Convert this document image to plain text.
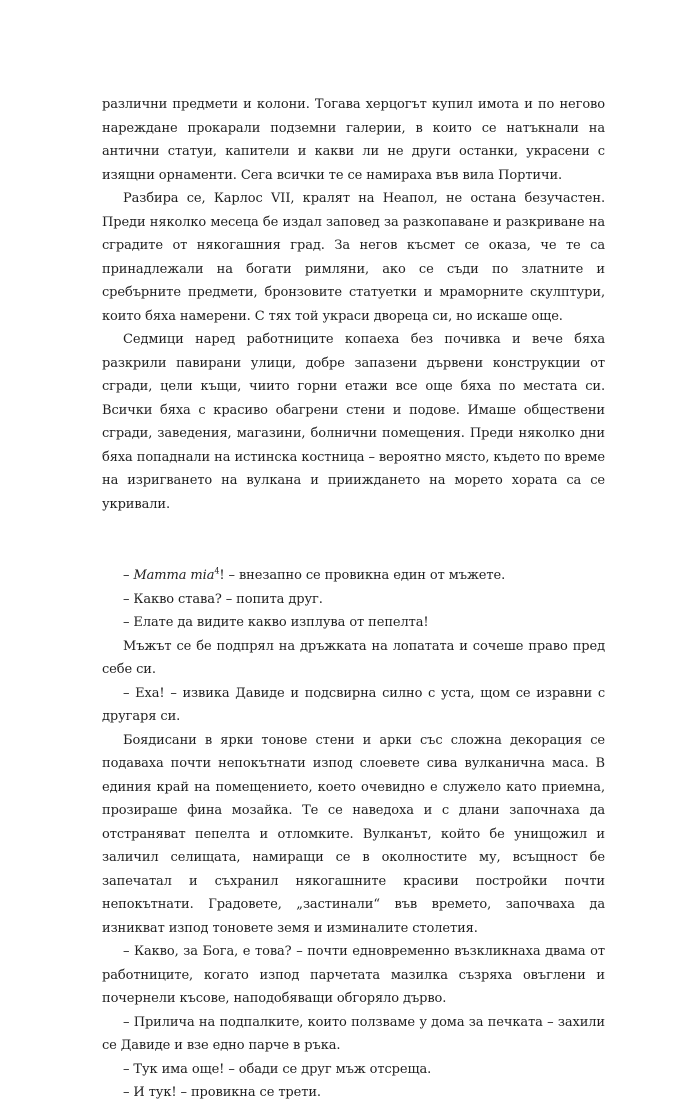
различни предмети и колони. Тогава херцогът купил имота и по негово нареждане прокарали подземни галерии, в които се натъкнали на антични статуи, капители и какви ли не други останки, украсени с изящни орнаменти. Сега всички те се намираха във вила Портичи.

Разбира се, Карлос VII, кралят на Неапол, не остана безучастен. Преди няколко месеца бе издал заповед за разкопаване и разкриване на сградите от някогашния град. За негов късмет се оказа, че те са принадлежали на богати римляни, ако се съди по златните и сребърните предмети, бронзовите статуетки и мраморните скулптури, които бяха намерени. С тях той украси двореца си, но искаше още.

Седмици наред работниците копаеха без почивка и вече бяха разкрили павирани улици, добре запазени дървени конструкции от сгради, цели къщи, чиито горни етажи все още бяха по местата си. Всички бяха с красиво обагрени стени и подове. Имаше обществени сгради, заведения, магазини, болнични помещения. Преди няколко дни бяха попаднали на истинска костница – вероятно място, където по време на изригването на вулкана и прииждането на морето хората са се укривали.

– Mamma mia$^4$! – внезапно се провикна един от мъжете.

– Какво става? – попита друг.

– Елате да видите какво изплува от пепелта!

Мъжът се бе подпрял на дръжката на лопатата и сочеше право пред себе си.

– Еха! – извика Давиде и подсвирна силно с уста, щом се изравни с другаря си.

Боядисани в ярки тонове стени и арки със сложна декорация се подаваха почти непокътнати изпод слоевете сива вулканична маса. В единия край на помещението, което очевидно е служело като приемна, прозираше фина мозайка. Те се наведоха и с длани започнаха да отстраняват пепелта и отломките. Вулканът, който бе унищожил и заличил селищата, намиращи се в околностите му, всъщност бе запечатал и съхранил някогашните красиви постройки почти непокътнати. Градовете, „застинали“ във времето, започваха да изникват изпод тоновете земя и изминалите столетия.

– Какво, за Бога, е това? – почти едновременно възкликнаха двама от работниците, когато изпод парчетата мазилка съзряха овъглени и почернели късове, наподобяващи обгоряло дърво.

– Прилича на подпалките, които ползваме у дома за печката – захили се Давиде и взе едно парче в ръка.

– Тук има още! – обади се друг мъж отсреща.

– И тук! – провикна се трети.
